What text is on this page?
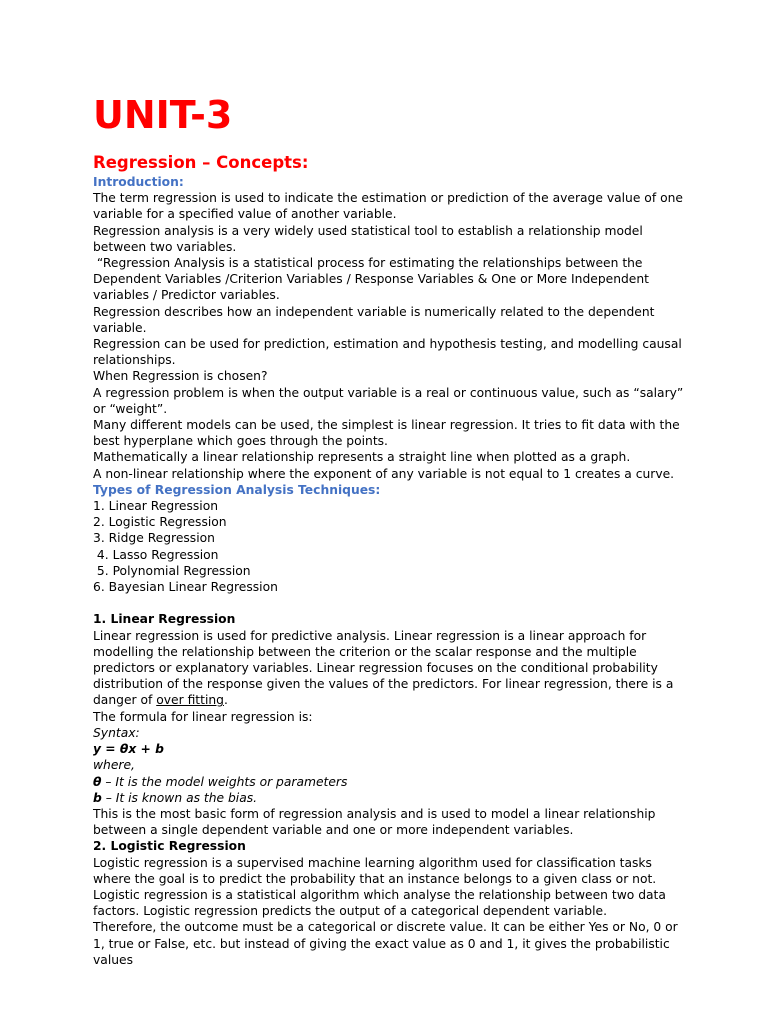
UNIT-3
Regression – Concepts:
Introduction:
The term regression is used to indicate the estimation or prediction of the average value of one variable for a specified value of another variable.
Regression analysis is a very widely used statistical tool to establish a relationship model between two variables.
“Regression Analysis is a statistical process for estimating the relationships between the Dependent Variables /Criterion Variables / Response Variables & One or More Independent variables / Predictor variables.
Regression describes how an independent variable is numerically related to the dependent variable.
Regression can be used for prediction, estimation and hypothesis testing, and modelling causal relationships.
When Regression is chosen?
A regression problem is when the output variable is a real or continuous value, such as “salary” or “weight”.
Many different models can be used, the simplest is linear regression. It tries to fit data with the best hyperplane which goes through the points.
Mathematically a linear relationship represents a straight line when plotted as a graph.
A non-linear relationship where the exponent of any variable is not equal to 1 creates a curve.
Types of Regression Analysis Techniques:
1. Linear Regression
2. Logistic Regression
3. Ridge Regression
4. Lasso Regression
5. Polynomial Regression
6. Bayesian Linear Regression
1. Linear Regression
Linear regression is used for predictive analysis. Linear regression is a linear approach for modelling the relationship between the criterion or the scalar response and the multiple predictors or explanatory variables. Linear regression focuses on the conditional probability distribution of the response given the values of the predictors. For linear regression, there is a danger of over fitting.
The formula for linear regression is:
Syntax:
y = θx + b
where,
θ – It is the model weights or parameters
b – It is known as the bias.
This is the most basic form of regression analysis and is used to model a linear relationship between a single dependent variable and one or more independent variables.
2. Logistic Regression
Logistic regression is a supervised machine learning algorithm used for classification tasks where the goal is to predict the probability that an instance belongs to a given class or not. Logistic regression is a statistical algorithm which analyse the relationship between two data factors. Logistic regression predicts the output of a categorical dependent variable.
Therefore, the outcome must be a categorical or discrete value. It can be either Yes or No, 0 or 1, true or False, etc. but instead of giving the exact value as 0 and 1, it gives the probabilistic values
